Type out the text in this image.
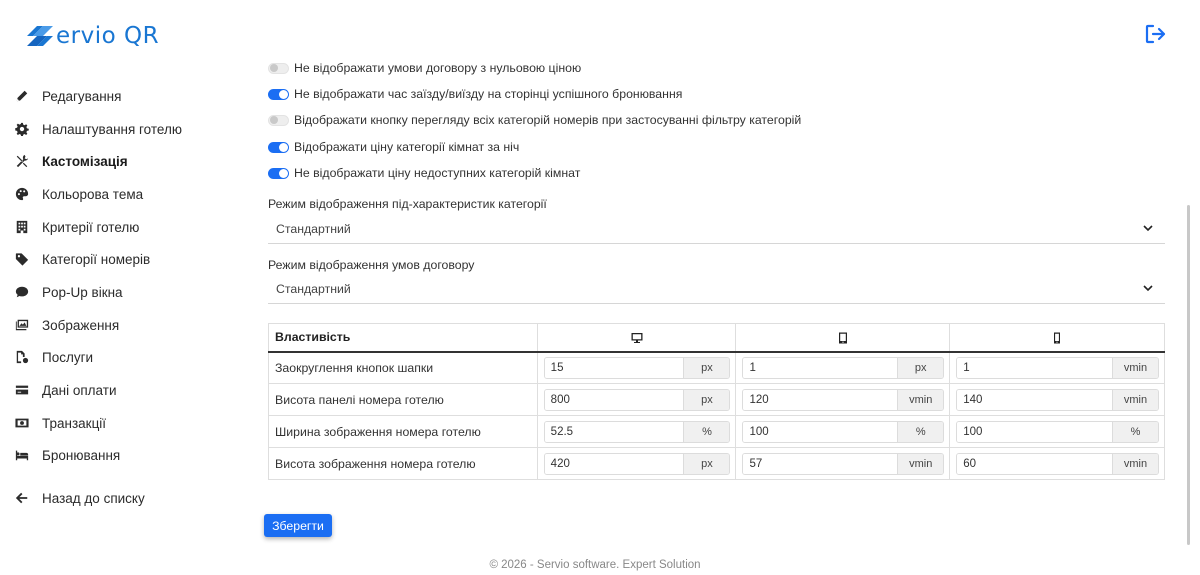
ervio QR
Редагування
Налаштування готелю
Кастомізація
Кольорова тема
Критерії готелю
Категорії номерів
Pop-Up вікна
Зображення
Послуги
Дані оплати
Транзакції
Бронювання
Назад до списку
Не відображати умови договору з нульовою ціною
Не відображати час заїзду/виїзду на сторінці успішного бронювання
Відображати кнопку перегляду всіх категорій номерів при застосуванні фільтру категорій
Відображати ціну категорії кімнат за ніч
Не відображати ціну недоступних категорій кімнат
Режим відображення під-характеристик категорії
Стандартний
Режим відображення умов договору
Стандартний
Властивість			
Заокруглення кнопок шапки	15 px	1 px	1 vmin

Висота панелі номера готелю	800 px	120 vmin	140 vmin

Ширина зображення номера готелю	52.5 %	100 %	100 %

Висота зображення номера готелю	420 px	57 vmin	60 vmin
Зберегти
© 2026 - Servio software. Expert Solution
